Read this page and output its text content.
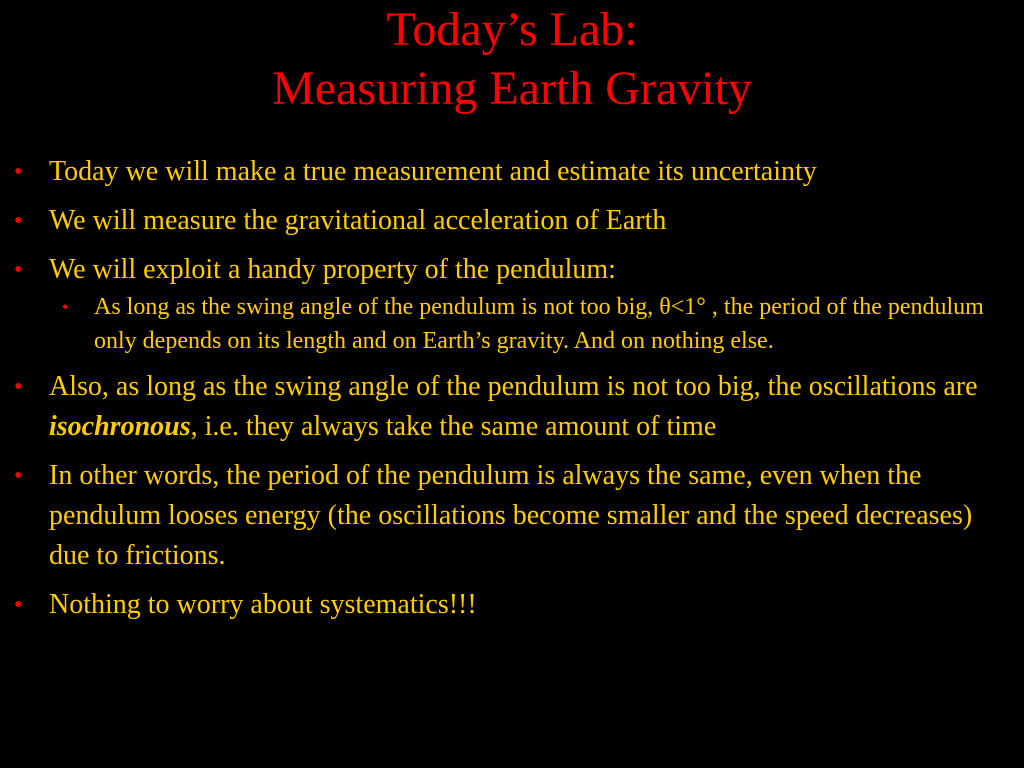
Today’s Lab:
Measuring Earth Gravity
• Today we will make a true measurement and estimate its uncertainty
• We will measure the gravitational acceleration of Earth
• We will exploit a handy property of the pendulum:
• As long as the swing angle of the pendulum is not too big, θ<1° , the period of the pendulum only depends on its length and on Earth’s gravity. And on nothing else.
• Also, as long as the swing angle of the pendulum is not too big, the oscillations are isochronous, i.e. they always take the same amount of time
• In other words, the period of the pendulum is always the same, even when the pendulum looses energy (the oscillations become smaller and the speed decreases) due to frictions.
• Nothing to worry about systematics!!!
